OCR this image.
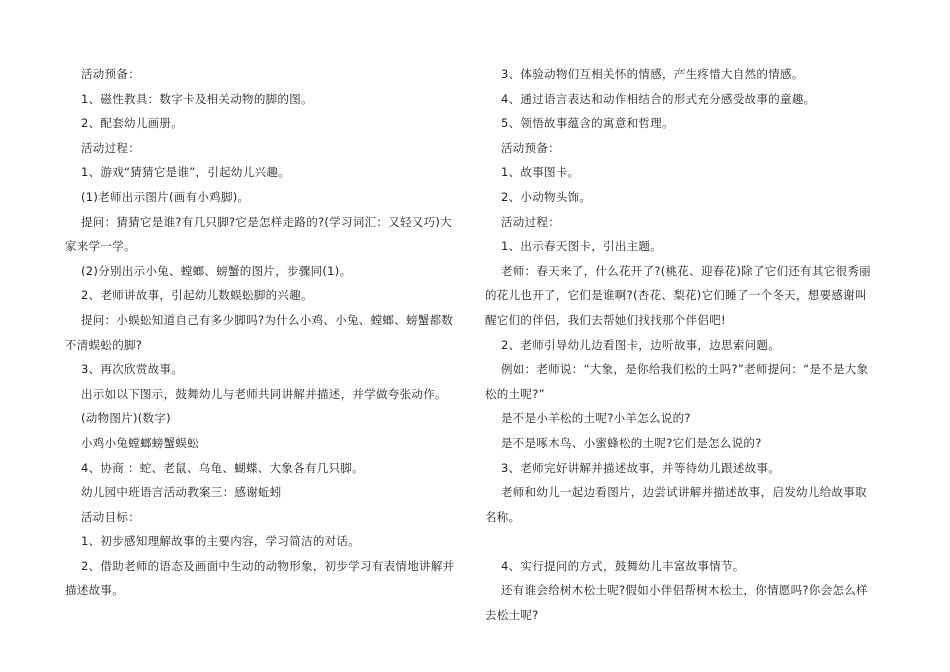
活动预备：

1、磁性教具：数字卡及相关动物的脚的图。

2、配套幼儿画册。

活动过程：

1、游戏“猜猜它是谁”，引起幼儿兴趣。

(1)老师出示图片(画有小鸡脚)。

提问：猜猜它是谁?有几只脚?它是怎样走路的?(学习词汇：又轻又巧)大家来学一学。

(2)分别出示小兔、螳螂、螃蟹的图片，步骤同(1)。

2、老师讲故事，引起幼儿数蜈蚣脚的兴趣。

提问：小蜈蚣知道自己有多少脚吗?为什么小鸡、小兔、螳螂、螃蟹都数不清蜈蚣的脚?

3、再次欣赏故事。

出示如以下图示，鼓舞幼儿与老师共同讲解并描述，并学做夸张动作。

(动物图片)(数字)

小鸡小兔螳螂螃蟹蜈蚣

4、协商 ：蛇、老鼠、乌龟、蝴蝶、大象各有几只脚。

幼儿园中班语言活动教案三：感谢蚯蚓

活动目标：

1、初步感知理解故事的主要内容，学习简洁的对话。

2、借助老师的语态及画面中生动的动物形象，初步学习有表情地讲解并描述故事。

3、体验动物们互相关怀的情感，产生疼惜大自然的情感。

4、通过语言表达和动作相结合的形式充分感受故事的童趣。

5、领悟故事蕴含的寓意和哲理。

活动预备：

1、故事图卡。

2、小动物头饰。

活动过程：

1、出示春天图卡，引出主题。

老师：春天来了，什么花开了?(桃花、迎春花)除了它们还有其它很秀丽的花儿也开了，它们是谁啊?(杏花、梨花)它们睡了一个冬天，想要感谢叫醒它们的伴侣，我们去帮她们找找那个伴侣吧!

2、老师引导幼儿边看图卡，边听故事，边思索问题。

例如：老师说：“大象，是你给我们松的土吗?”老师提问：“是不是大象松的土呢?”

是不是小羊松的土呢?小羊怎么说的?

是不是啄木鸟、小蜜蜂松的土呢?它们是怎么说的?

3、老师完好讲解并描述故事，并等待幼儿跟述故事。

老师和幼儿一起边看图片，边尝试讲解并描述故事，启发幼儿给故事取名称。

4、实行提问的方式，鼓舞幼儿丰富故事情节。

还有谁会给树木松土呢?假如小伴侣帮树木松土，你情愿吗?你会怎么样去松土呢?
